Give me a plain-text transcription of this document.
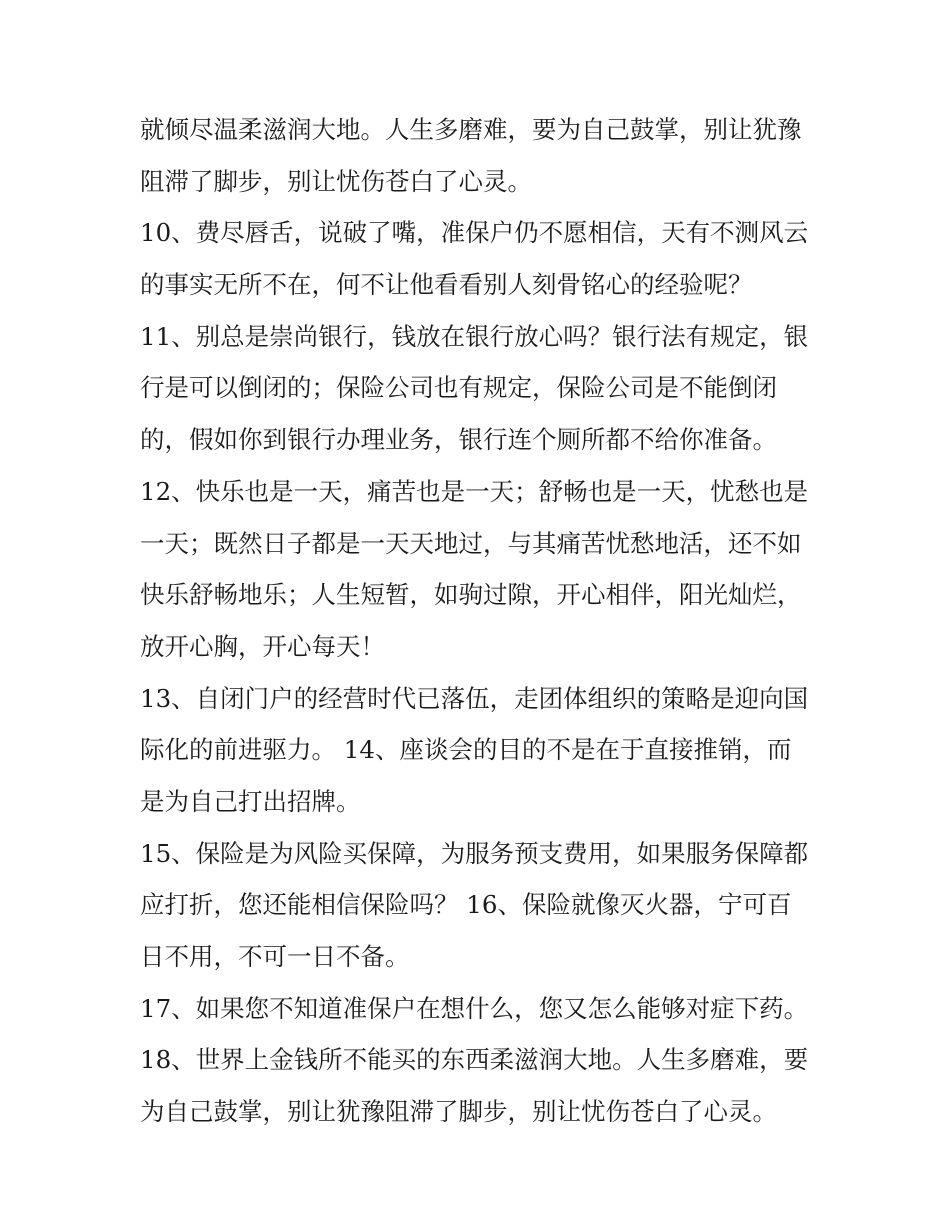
就倾尽温柔滋润大地。人生多磨难，要为自己鼓掌，别让犹豫
阻滞了脚步，别让忧伤苍白了心灵。
10、费尽唇舌，说破了嘴，准保户仍不愿相信，天有不测风云
的事实无所不在，何不让他看看别人刻骨铭心的经验呢？
11、别总是崇尚银行，钱放在银行放心吗？银行法有规定，银
行是可以倒闭的；保险公司也有规定，保险公司是不能倒闭
的，假如你到银行办理业务，银行连个厕所都不给你准备。
12、快乐也是一天，痛苦也是一天；舒畅也是一天，忧愁也是
一天；既然日子都是一天天地过，与其痛苦忧愁地活，还不如
快乐舒畅地乐；人生短暂，如驹过隙，开心相伴，阳光灿烂，
放开心胸，开心每天！
13、自闭门户的经营时代已落伍，走团体组织的策略是迎向国
际化的前进驱力。 14、座谈会的目的不是在于直接推销，而
是为自己打出招牌。
15、保险是为风险买保障，为服务预支费用，如果服务保障都
应打折，您还能相信保险吗？ 16、保险就像灭火器，宁可百
日不用，不可一日不备。
17、如果您不知道准保户在想什么，您又怎么能够对症下药。
18、世界上金钱所不能买的东西柔滋润大地。人生多磨难，要
为自己鼓掌，别让犹豫阻滞了脚步，别让忧伤苍白了心灵。
